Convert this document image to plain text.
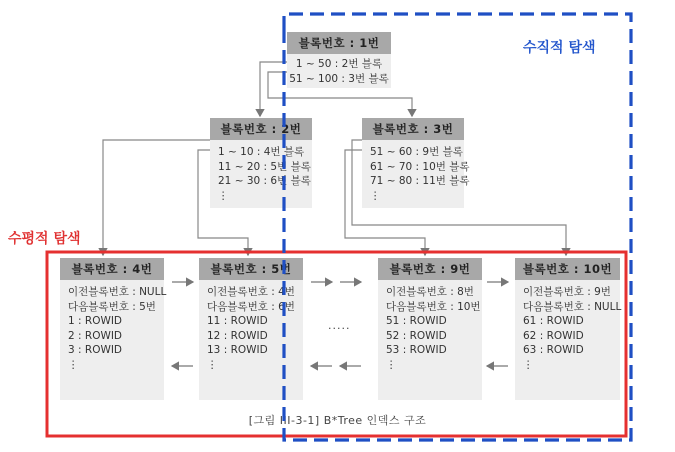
블록번호 : 1번
1 ~ 50 : 2번 블록
51 ~ 100 : 3번 블록
블록번호 : 2번
1 ~ 10 : 4번 블록
11 ~ 20 : 5번 블록
21 ~ 30 : 6번 블록
⋮
블록번호 : 3번
51 ~ 60 : 9번 블록
61 ~ 70 : 10번 블록
71 ~ 80 : 11번 블록
⋮
블록번호 : 4번
이전블록번호 : NULL
다음블록번호 : 5번
1 : ROWID
2 : ROWID
3 : ROWID
⋮
블록번호 : 5번
이전블록번호 : 4번
다음블록번호 : 6번
11 : ROWID
12 : ROWID
13 : ROWID
⋮
블록번호 : 9번
이전블록번호 : 8번
다음블록번호 : 10번
51 : ROWID
52 : ROWID
53 : ROWID
⋮
블록번호 : 10번
이전블록번호 : 9번
다음블록번호 : NULL
61 : ROWID
62 : ROWID
63 : ROWID
⋮
.....
[그림 III-3-1] B*Tree 인덱스 구조
수평적 탐색
수직적 탐색
